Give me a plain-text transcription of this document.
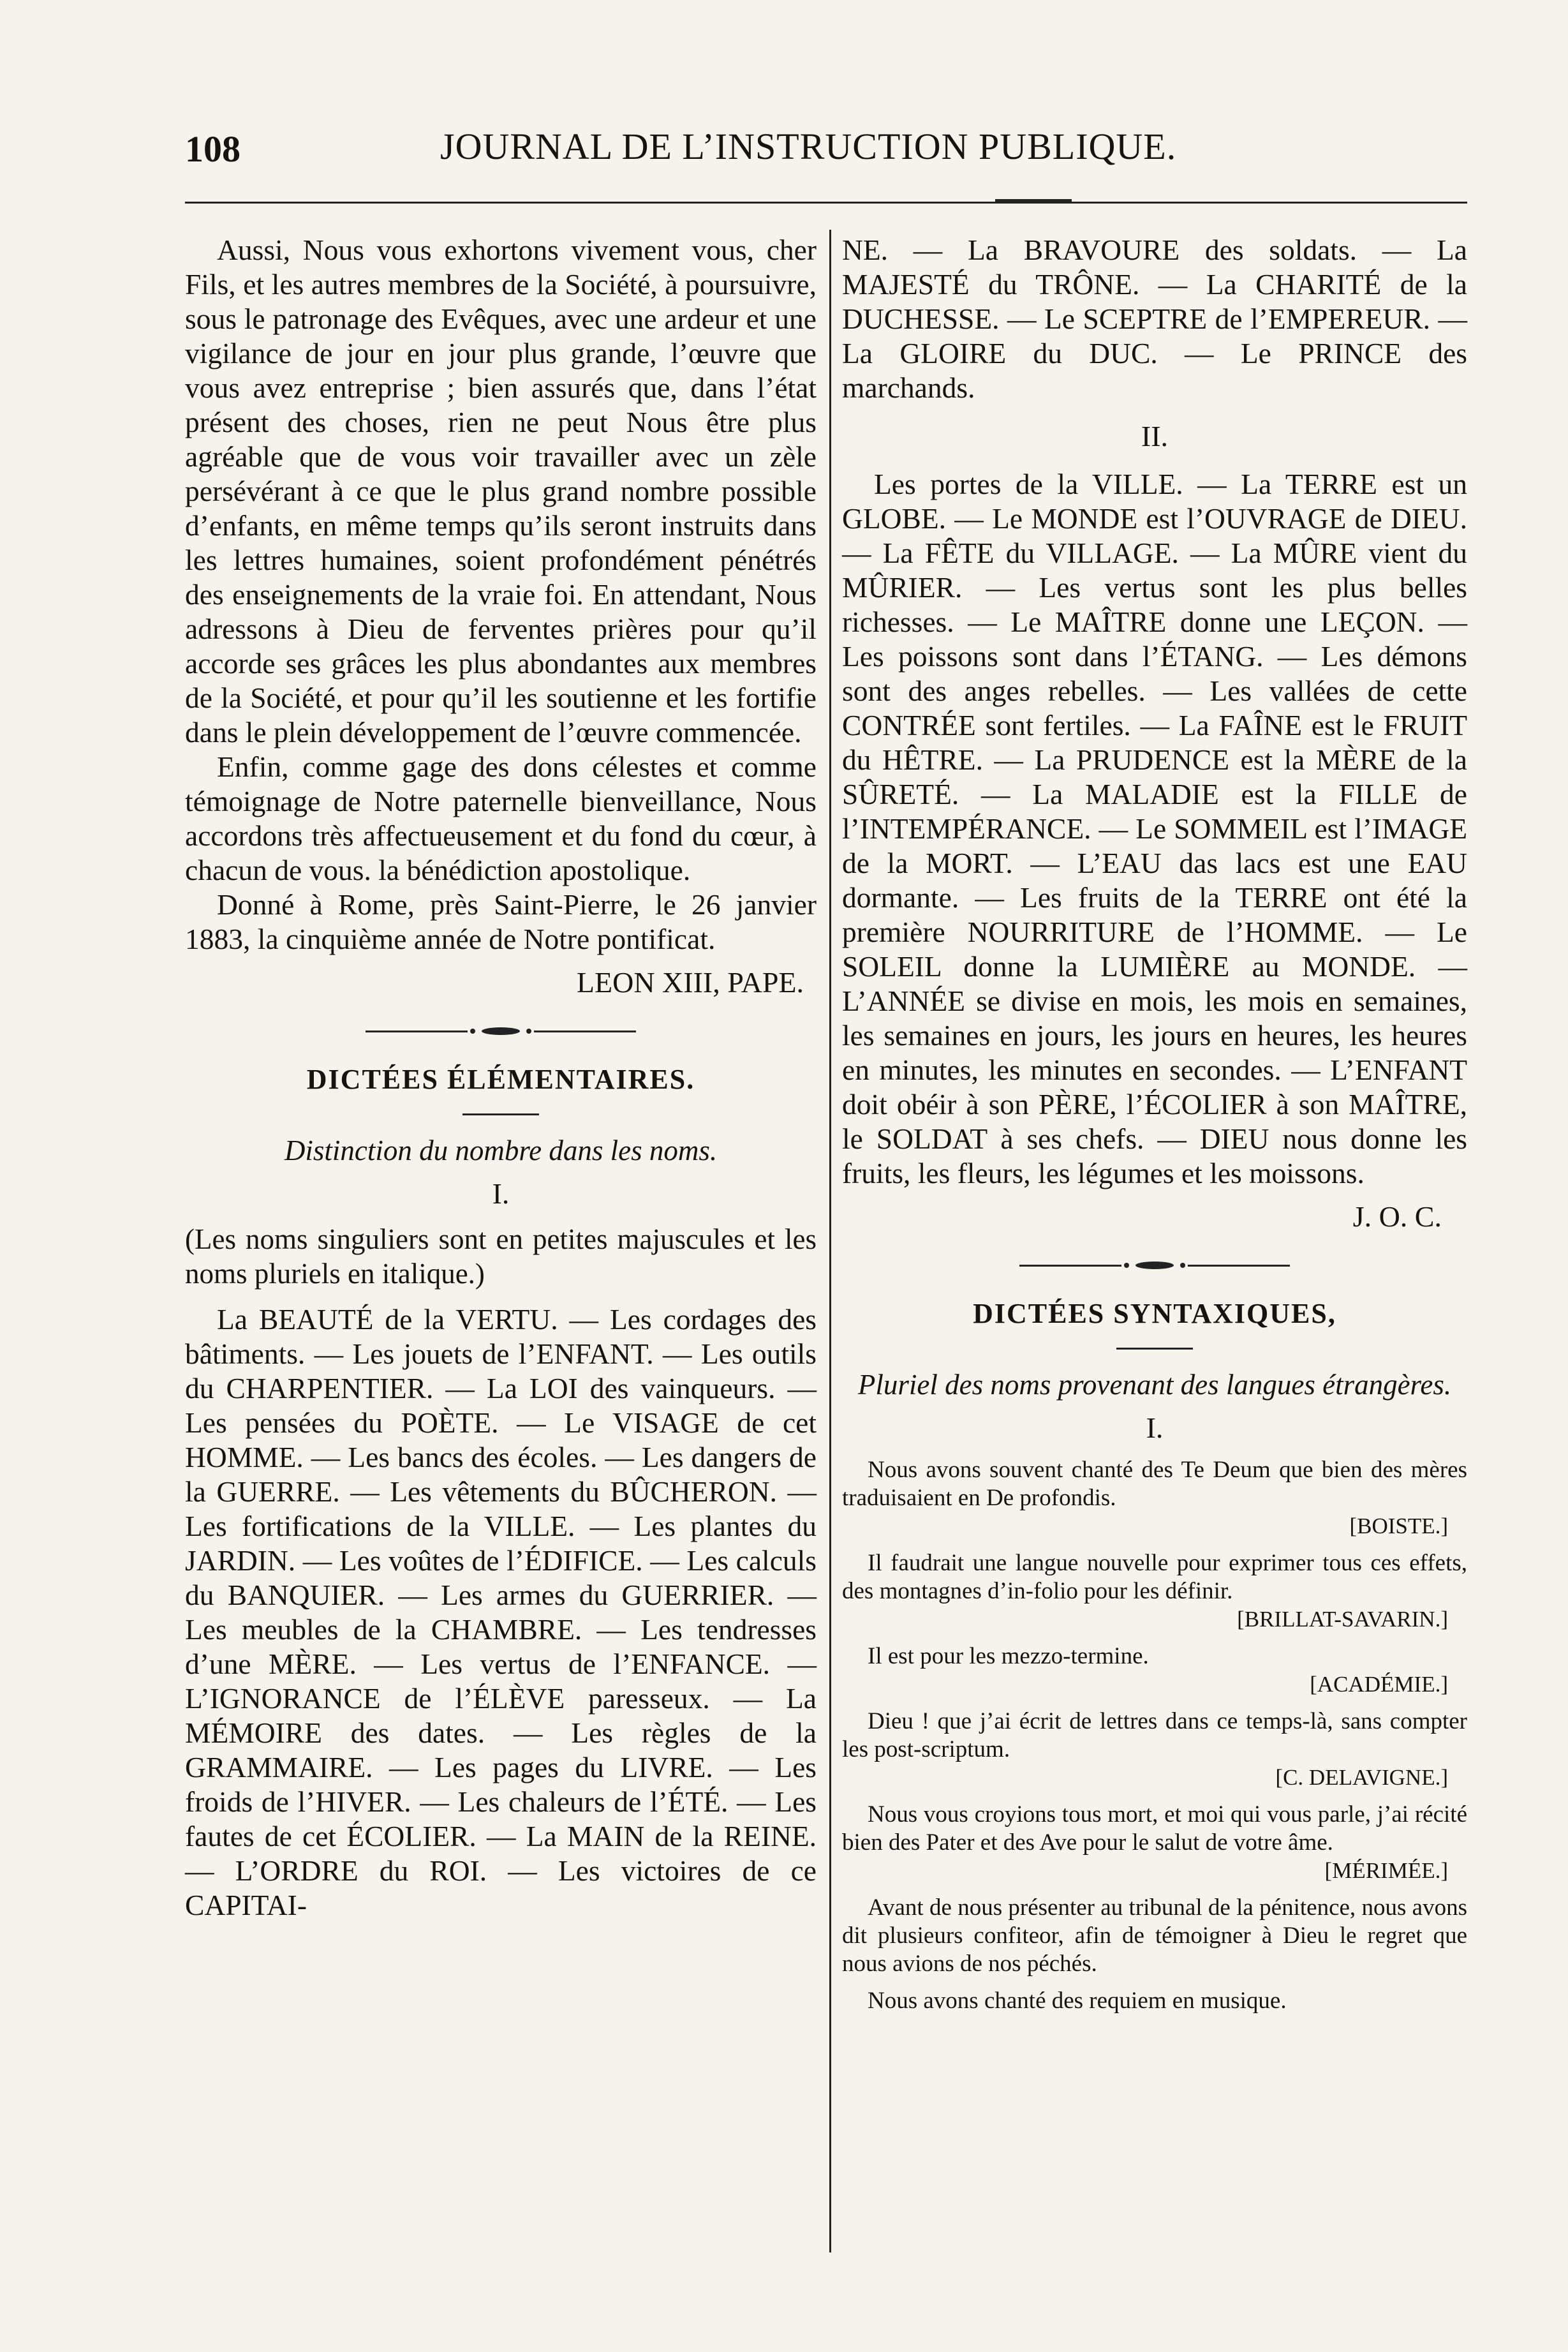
108	JOURNAL DE L’INSTRUCTION PUBLIQUE.

Aussi, Nous vous exhortons vivement vous, cher Fils, et les autres membres de la Société, à poursuivre, sous le patronage des Evêques, avec une ardeur et une vigilance de jour en jour plus grande, l’œuvre que vous avez entreprise ; bien assurés que, dans l’état présent des choses, rien ne peut Nous être plus agréable que de vous voir travailler avec un zèle persévérant à ce que le plus grand nombre possible d’enfants, en même temps qu’ils seront instruits dans les lettres humaines, soient profondément pénétrés des enseignements de la vraie foi. En attendant, Nous adressons à Dieu de ferventes prières pour qu’il accorde ses grâces les plus abondantes aux membres de la Société, et pour qu’il les soutienne et les fortifie dans le plein développement de l’œuvre commencée.

Enfin, comme gage des dons célestes et comme témoignage de Notre paternelle bienveillance, Nous accordons très affectueusement et du fond du cœur, à chacun de vous. la bénédiction apostolique.

Donné à Rome, près Saint-Pierre, le 26 janvier 1883, la cinquième année de Notre pontificat.

LEON XIII, PAPE.
DICTÉES ÉLÉMENTAIRES.
Distinction du nombre dans les noms.
I.
(Les noms singuliers sont en petites majuscules et les noms pluriels en italique.)

La BEAUTÉ de la VERTU. — Les cordages des bâtiments. — Les jouets de l’ENFANT. — Les outils du CHARPENTIER. — La LOI des vainqueurs. — Les pensées du POÈTE. — Le VISAGE de cet HOMME. — Les bancs des écoles. — Les dangers de la GUERRE. — Les vêtements du BÛCHERON. — Les fortifications de la VILLE. — Les plantes du JARDIN. — Les voûtes de l’ÉDIFICE. — Les calculs du BANQUIER. — Les armes du GUERRIER. — Les meubles de la CHAMBRE. — Les tendresses d’une MÈRE. — Les vertus de l’ENFANCE. — L’IGNORANCE de l’ÉLÈVE paresseux. — La MÉMOIRE des dates. — Les règles de la GRAMMAIRE. — Les pages du LIVRE. — Les froids de l’HIVER. — Les chaleurs de l’ÉTÉ. — Les fautes de cet ÉCOLIER. — La MAIN de la REINE. — L’ORDRE du ROI. — Les victoires de ce CAPITAI-

NE. — La BRAVOURE des soldats. — La MAJESTÉ du TRÔNE. — La CHARITÉ de la DUCHESSE. — Le SCEPTRE de l’EMPEREUR. — La GLOIRE du DUC. — Le PRINCE des marchands.

II.

Les portes de la VILLE. — La TERRE est un GLOBE. — Le MONDE est l’OUVRAGE de DIEU. — La FÊTE du VILLAGE. — La MÛRE vient du MÛRIER. — Les vertus sont les plus belles richesses. — Le MAÎTRE donne une LEÇON. — Les poissons sont dans l’ÉTANG. — Les démons sont des anges rebelles. — Les vallées de cette CONTRÉE sont fertiles. — La FAÎNE est le FRUIT du HÊTRE. — La PRUDENCE est la MÈRE de la SÛRETÉ. — La MALADIE est la FILLE de l’INTEMPÉRANCE. — Le SOMMEIL est l’IMAGE de la MORT. — L’EAU das lacs est une EAU dormante. — Les fruits de la TERRE ont été la première NOURRITURE de l’HOMME. — Le SOLEIL donne la LUMIÈRE au MONDE. — L’ANNÉE se divise en mois, les mois en semaines, les semaines en jours, les jours en heures, les heures en minutes, les minutes en secondes. — L’ENFANT doit obéir à son PÈRE, l’ÉCOLIER à son MAÎTRE, le SOLDAT à ses chefs. — DIEU nous donne les fruits, les fleurs, les légumes et les moissons.

J. O. C.
DICTÉES SYNTAXIQUES,
Pluriel des noms provenant des langues étrangères.
I.

Nous avons souvent chanté des Te Deum que bien des mères traduisaient en De profondis.

[BOISTE.]

Il faudrait une langue nouvelle pour exprimer tous ces effets, des montagnes d’in-folio pour les définir.

[BRILLAT-SAVARIN.]

Il est pour les mezzo-termine.

[ACADÉMIE.]

Dieu ! que j’ai écrit de lettres dans ce temps-là, sans compter les post-scriptum.

[C. DELAVIGNE.]

Nous vous croyions tous mort, et moi qui vous parle, j’ai récité bien des Pater et des Ave pour le salut de votre âme.

[MÉRIMÉE.]

Avant de nous présenter au tribunal de la pénitence, nous avons dit plusieurs confiteor, afin de témoigner à Dieu le regret que nous avions de nos péchés.

Nous avons chanté des requiem en musique.
